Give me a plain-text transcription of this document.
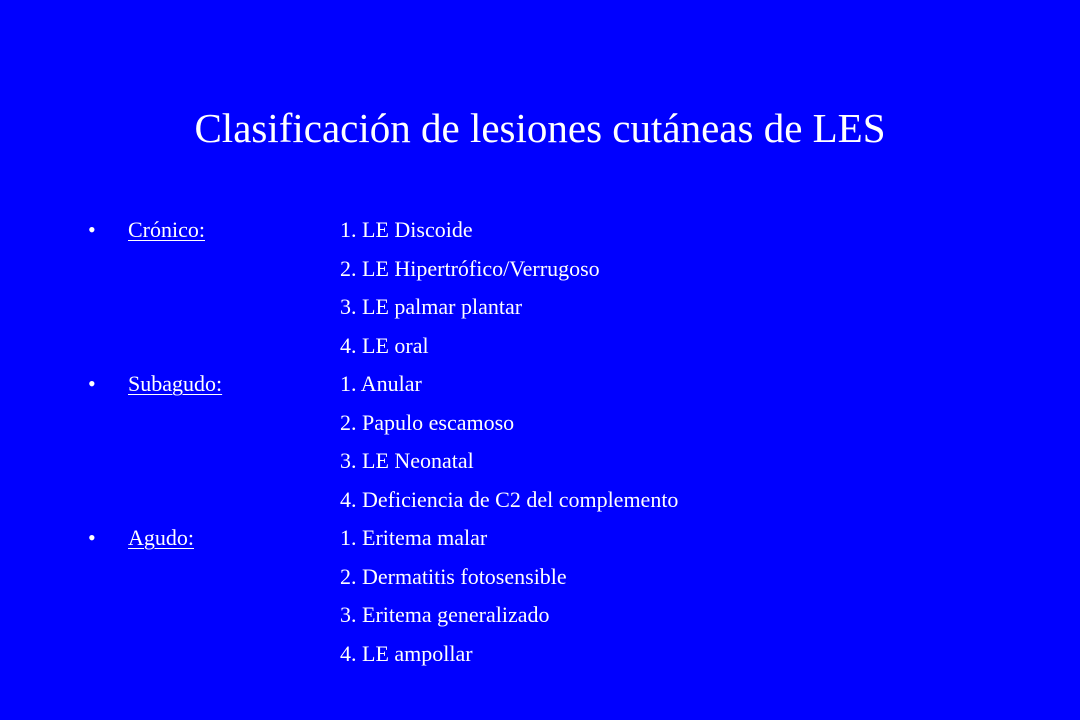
Clasificación de lesiones cutáneas de LES
• Crónico:	1. LE Discoide
2. LE Hipertrófico/Verrugoso
3. LE palmar plantar
4. LE oral
• Subagudo:	1. Anular
2. Papulo escamoso
3. LE Neonatal
4. Deficiencia de C2 del complemento
• Agudo:	1. Eritema malar
2. Dermatitis fotosensible
3. Eritema generalizado
4. LE ampollar
